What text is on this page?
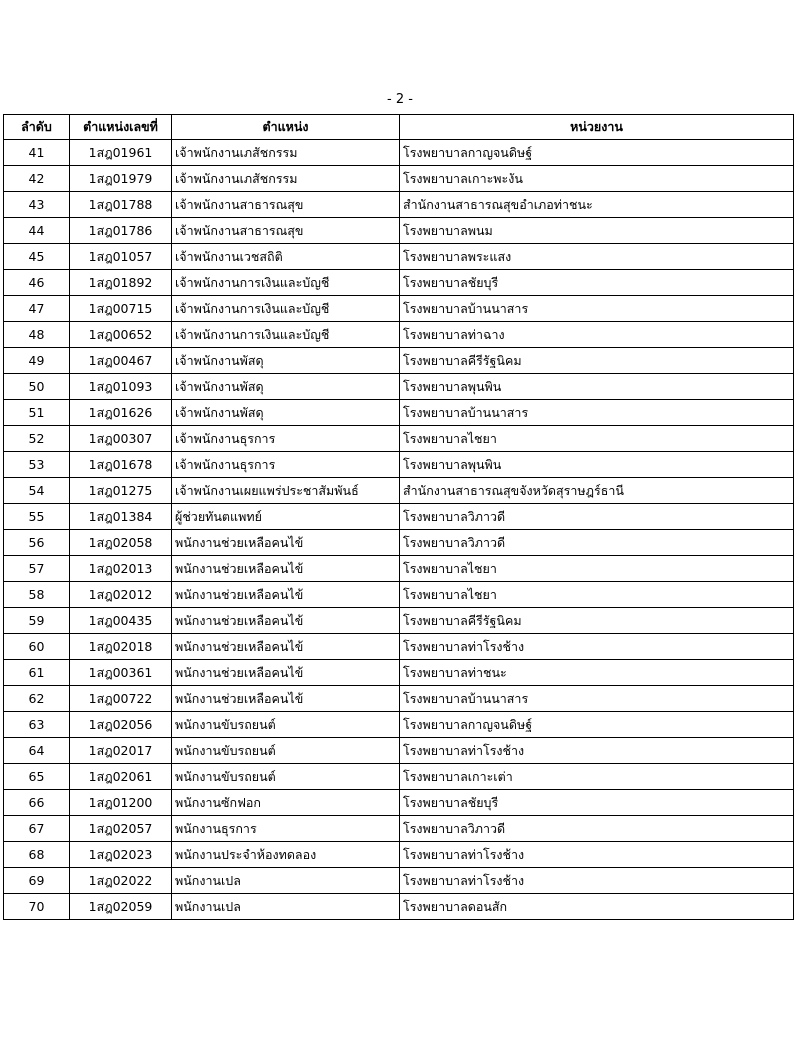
- 2 -
ลำดับ	ตำแหน่งเลขที่	ตำแหน่ง	หน่วยงาน
41	1สฎ01961	เจ้าพนักงานเภสัชกรรม	โรงพยาบาลกาญจนดิษฐ์
42	1สฎ01979	เจ้าพนักงานเภสัชกรรม	โรงพยาบาลเกาะพะงัน
43	1สฎ01788	เจ้าพนักงานสาธารณสุข	สำนักงานสาธารณสุขอำเภอท่าชนะ
44	1สฎ01786	เจ้าพนักงานสาธารณสุข	โรงพยาบาลพนม
45	1สฎ01057	เจ้าพนักงานเวชสถิติ	โรงพยาบาลพระแสง
46	1สฎ01892	เจ้าพนักงานการเงินและบัญชี	โรงพยาบาลชัยบุรี
47	1สฎ00715	เจ้าพนักงานการเงินและบัญชี	โรงพยาบาลบ้านนาสาร
48	1สฎ00652	เจ้าพนักงานการเงินและบัญชี	โรงพยาบาลท่าฉาง
49	1สฎ00467	เจ้าพนักงานพัสดุ	โรงพยาบาลคีรีรัฐนิคม
50	1สฎ01093	เจ้าพนักงานพัสดุ	โรงพยาบาลพุนพิน
51	1สฎ01626	เจ้าพนักงานพัสดุ	โรงพยาบาลบ้านนาสาร
52	1สฎ00307	เจ้าพนักงานธุรการ	โรงพยาบาลไชยา
53	1สฎ01678	เจ้าพนักงานธุรการ	โรงพยาบาลพุนพิน
54	1สฎ01275	เจ้าพนักงานเผยแพร่ประชาสัมพันธ์	สำนักงานสาธารณสุขจังหวัดสุราษฎร์ธานี
55	1สฎ01384	ผู้ช่วยทันตแพทย์	โรงพยาบาลวิภาวดี
56	1สฎ02058	พนักงานช่วยเหลือคนไข้	โรงพยาบาลวิภาวดี
57	1สฎ02013	พนักงานช่วยเหลือคนไข้	โรงพยาบาลไชยา
58	1สฎ02012	พนักงานช่วยเหลือคนไข้	โรงพยาบาลไชยา
59	1สฎ00435	พนักงานช่วยเหลือคนไข้	โรงพยาบาลคีรีรัฐนิคม
60	1สฎ02018	พนักงานช่วยเหลือคนไข้	โรงพยาบาลท่าโรงช้าง
61	1สฎ00361	พนักงานช่วยเหลือคนไข้	โรงพยาบาลท่าชนะ
62	1สฎ00722	พนักงานช่วยเหลือคนไข้	โรงพยาบาลบ้านนาสาร
63	1สฎ02056	พนักงานขับรถยนต์	โรงพยาบาลกาญจนดิษฐ์
64	1สฎ02017	พนักงานขับรถยนต์	โรงพยาบาลท่าโรงช้าง
65	1สฎ02061	พนักงานขับรถยนต์	โรงพยาบาลเกาะเต่า
66	1สฎ01200	พนักงานซักฟอก	โรงพยาบาลชัยบุรี
67	1สฎ02057	พนักงานธุรการ	โรงพยาบาลวิภาวดี
68	1สฎ02023	พนักงานประจำห้องทดลอง	โรงพยาบาลท่าโรงช้าง
69	1สฎ02022	พนักงานเปล	โรงพยาบาลท่าโรงช้าง
70	1สฎ02059	พนักงานเปล	โรงพยาบาลดอนสัก
